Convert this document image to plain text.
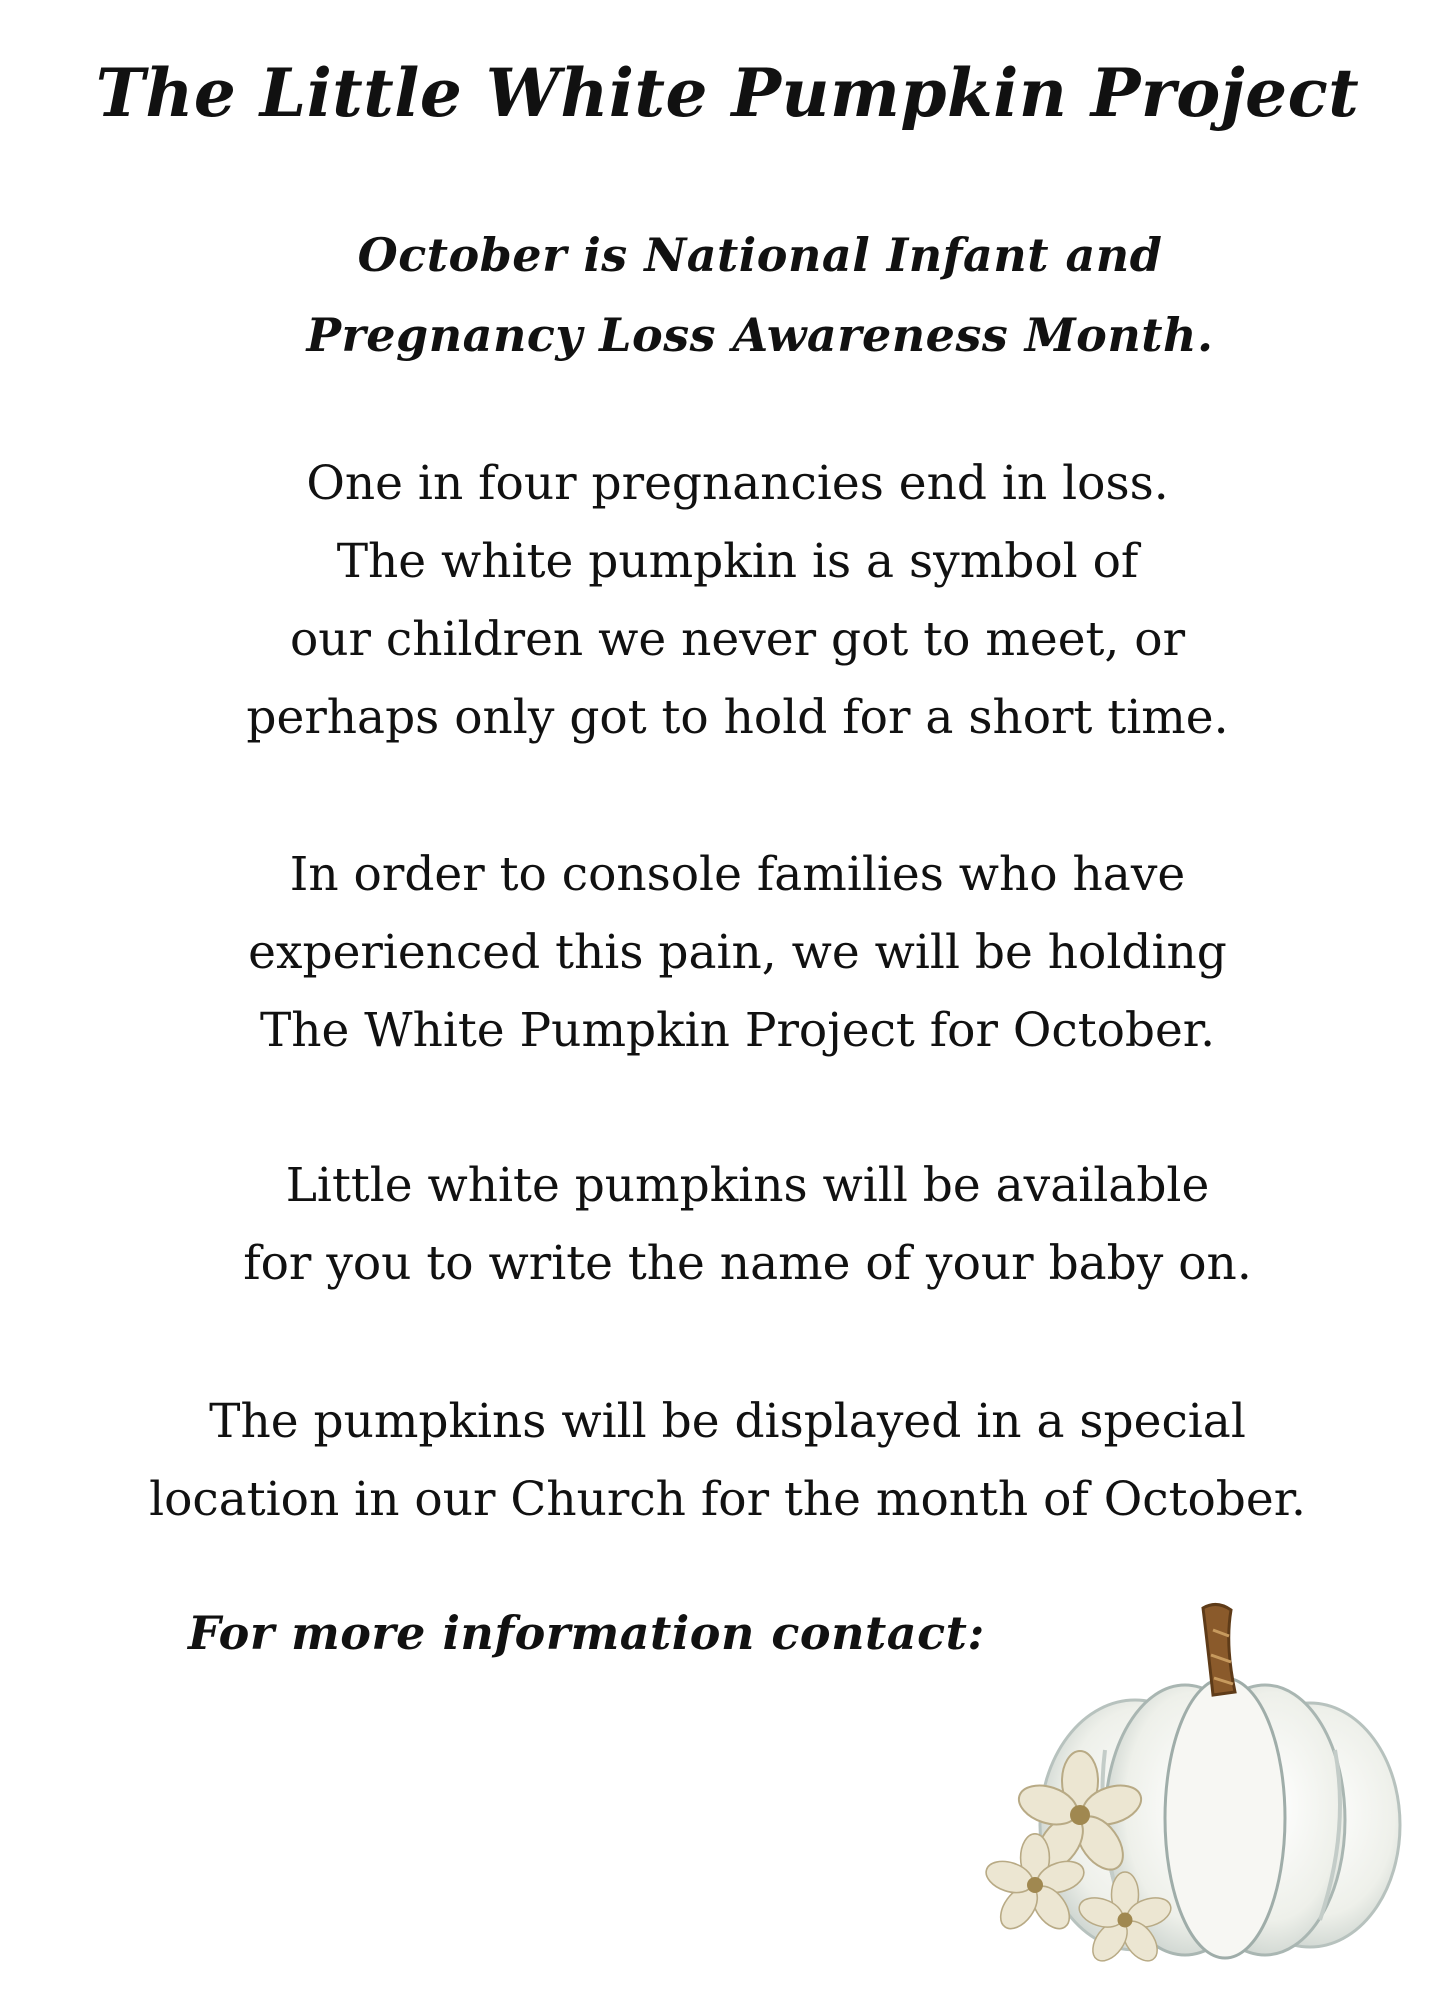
The Little White Pumpkin Project
October is National Infant and
Pregnancy Loss Awareness Month.
One in four pregnancies end in loss.
The white pumpkin is a symbol of
our children we never got to meet, or
perhaps only got to hold for a short time.
In order to console families who have
experienced this pain, we will be holding
The White Pumpkin Project for October.
Little white pumpkins will be available
for you to write the name of your baby on.
The pumpkins will be displayed in a special
location in our Church for the month of October.

For more information contact:
